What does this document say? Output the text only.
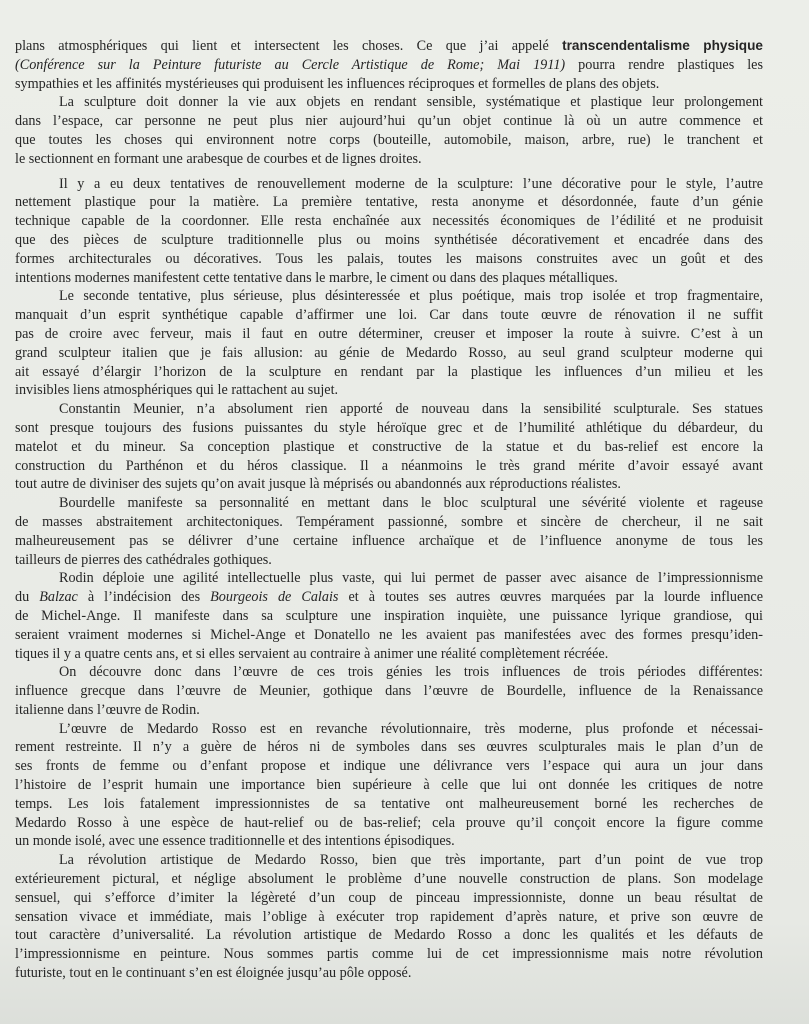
plans atmosphériques qui lient et intersectent les choses. Ce que j’ai appelé transcendentalisme physique
(Conférence sur la Peinture futuriste au Cercle Artistique de Rome; Mai 1911) pourra rendre plastiques les
sympathies et les affinités mystérieuses qui produisent les influences réciproques et formelles de plans des objets.
La sculpture doit donner la vie aux objets en rendant sensible, systématique et plastique leur prolongement
dans l’espace, car personne ne peut plus nier aujourd’hui qu’un objet continue là où un autre commence et
que toutes les choses qui environnent notre corps (bouteille, automobile, maison, arbre, rue) le tranchent et
le sectionnent en formant une arabesque de courbes et de lignes droites.
Il y a eu deux tentatives de renouvellement moderne de la sculpture: l’une décorative pour le style, l’autre
nettement plastique pour la matière. La première tentative, resta anonyme et désordonnée, faute d’un génie
technique capable de la coordonner. Elle resta enchaînée aux necessités économiques de l’édilité et ne produisit
que des pièces de sculpture traditionnelle plus ou moins synthétisée décorativement et encadrée dans des
formes architecturales ou décoratives. Tous les palais, toutes les maisons construites avec un goût et des
intentions modernes manifestent cette tentative dans le marbre, le ciment ou dans des plaques métalliques.
Le seconde tentative, plus sérieuse, plus désinteressée et plus poétique, mais trop isolée et trop fragmentaire,
manquait d’un esprit synthétique capable d’affirmer une loi. Car dans toute œuvre de rénovation il ne suffit
pas de croire avec ferveur, mais il faut en outre déterminer, creuser et imposer la route à suivre. C’est à un
grand sculpteur italien que je fais allusion: au génie de Medardo Rosso, au seul grand sculpteur moderne qui
ait essayé d’élargir l’horizon de la sculpture en rendant par la plastique les influences d’un milieu et les
invisibles liens atmosphériques qui le rattachent au sujet.
Constantin Meunier, n’a absolument rien apporté de nouveau dans la sensibilité sculpturale. Ses statues
sont presque toujours des fusions puissantes du style héroïque grec et de l’humilité athlétique du débardeur, du
matelot et du mineur. Sa conception plastique et constructive de la statue et du bas-relief est encore la
construction du Parthénon et du héros classique. Il a néanmoins le très grand mérite d’avoir essayé avant
tout autre de diviniser des sujets qu’on avait jusque là méprisés ou abandonnés aux réproductions réalistes.
Bourdelle manifeste sa personnalité en mettant dans le bloc sculptural une sévérité violente et rageuse
de masses abstraitement architectoniques. Tempérament passionné, sombre et sincère de chercheur, il ne sait
malheureusement pas se délivrer d’une certaine influence archaïque et de l’influence anonyme de tous les
tailleurs de pierres des cathédrales gothiques.
Rodin déploie une agilité intellectuelle plus vaste, qui lui permet de passer avec aisance de l’impressionnisme
du Balzac à l’indécision des Bourgeois de Calais et à toutes ses autres œuvres marquées par la lourde influence
de Michel-Ange. Il manifeste dans sa sculpture une inspiration inquiète, une puissance lyrique grandiose, qui
seraient vraiment modernes si Michel-Ange et Donatello ne les avaient pas manifestées avec des formes presqu’iden-
tiques il y a quatre cents ans, et si elles servaient au contraire à animer une réalité complètement récréée.
On découvre donc dans l’œuvre de ces trois génies les trois influences de trois périodes différentes:
influence grecque dans l’œuvre de Meunier, gothique dans l’œuvre de Bourdelle, influence de la Renaissance
italienne dans l’œuvre de Rodin.
L’œuvre de Medardo Rosso est en revanche révolutionnaire, très moderne, plus profonde et nécessai-
rement restreinte. Il n’y a guère de héros ni de symboles dans ses œuvres sculpturales mais le plan d’un de
ses fronts de femme ou d’enfant propose et indique une délivrance vers l’espace qui aura un jour dans
l’histoire de l’esprit humain une importance bien supérieure à celle que lui ont donnée les critiques de notre
temps. Les lois fatalement impressionnistes de sa tentative ont malheureusement borné les recherches de
Medardo Rosso à une espèce de haut-relief ou de bas-relief; cela prouve qu’il conçoit encore la figure comme
un monde isolé, avec une essence traditionnelle et des intentions épisodiques.
La révolution artistique de Medardo Rosso, bien que très importante, part d’un point de vue trop
extérieurement pictural, et néglige absolument le problème d’une nouvelle construction de plans. Son modelage
sensuel, qui s’efforce d’imiter la légèreté d’un coup de pinceau impressionniste, donne un beau résultat de
sensation vivace et immédiate, mais l’oblige à exécuter trop rapidement d’après nature, et prive son œuvre de
tout caractère d’universalité. La révolution artistique de Medardo Rosso a donc les qualités et les défauts de
l’impressionnisme en peinture. Nous sommes partis comme lui de cet impressionnisme mais notre révolution
futuriste, tout en le continuant s’en est éloignée jusqu’au pôle opposé.
